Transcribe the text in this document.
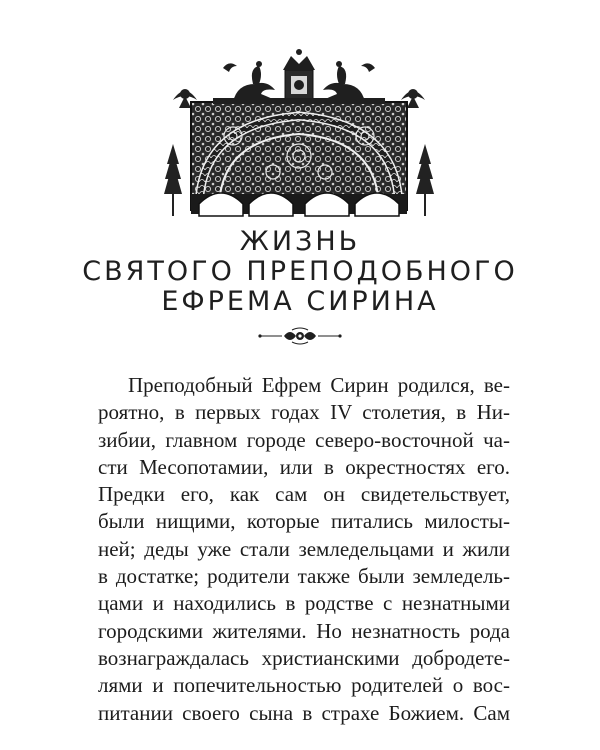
ЖИЗНЬ
СВЯТОГО ПРЕПОДОБНОГО
ЕФРЕМА СИРИНА
Преподобный Ефрем Сирин родился, ве-
роятно, в первых годах IV столетия, в Ни-
зибии, главном городе северо-восточной ча-
сти Месопотамии, или в окрестностях его.
Предки его, как сам он свидетельствует,
были нищими, которые питались милосты-
ней; деды уже стали земледельцами и жили
в достатке; родители также были земледель-
цами и находились в родстве с незнатными
городскими жителями. Но незнатность рода
вознаграждалась христианскими добродете-
лями и попечительностью родителей о вос-
питании своего сына в страхе Божием. Сам
